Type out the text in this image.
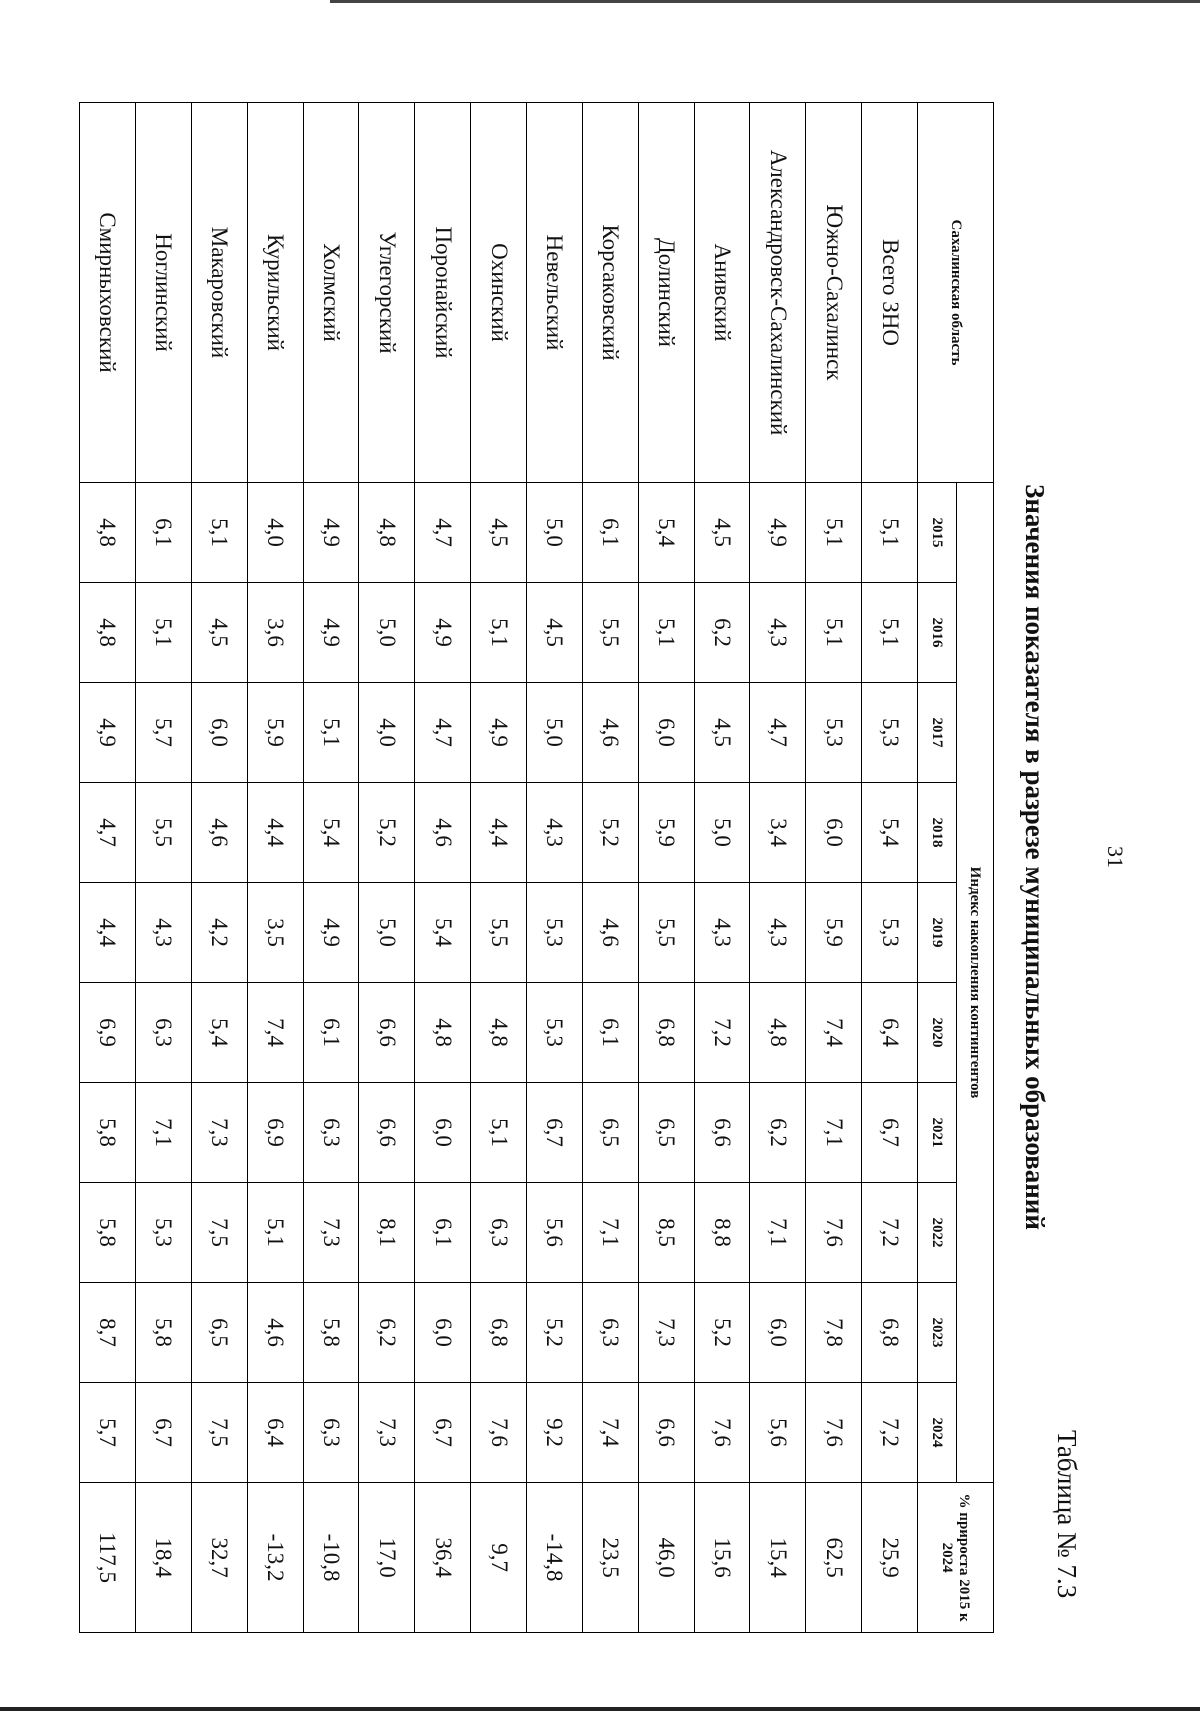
31
Таблица № 7.3
Значения показателя в разрезе муниципальных образований
Сахалинская область	Индекс накопления контингентов										% прироста 2015 к 2024
	2015	2016	2017	2018	2019	2020	2021	2022	2023	2024	
Всего ЗНО	5,1	5,1	5,3	5,4	5,3	6,4	6,7	7,2	6,8	7,2	25,9
Южно-Сахалинск	5,1	5,1	5,3	6,0	5,9	7,4	7,1	7,6	7,8	7,6	62,5
Александровск-Сахалинский	4,9	4,3	4,7	3,4	4,3	4,8	6,2	7,1	6,0	5,6	15,4
Анивский	4,5	6,2	4,5	5,0	4,3	7,2	6,6	8,8	5,2	7,6	15,6
Долинский	5,4	5,1	6,0	5,9	5,5	6,8	6,5	8,5	7,3	6,6	46,0
Корсаковский	6,1	5,5	4,6	5,2	4,6	6,1	6,5	7,1	6,3	7,4	23,5
Невельский	5,0	4,5	5,0	4,3	5,3	5,3	6,7	5,6	5,2	9,2	-14,8
Охинский	4,5	5,1	4,9	4,4	5,5	4,8	5,1	6,3	6,8	7,6	9,7
Поронайский	4,7	4,9	4,7	4,6	5,4	4,8	6,0	6,1	6,0	6,7	36,4
Углегорский	4,8	5,0	4,0	5,2	5,0	6,6	6,6	8,1	6,2	7,3	17,0
Холмский	4,9	4,9	5,1	5,4	4,9	6,1	6,3	7,3	5,8	6,3	-10,8
Курильский	4,0	3,6	5,9	4,4	3,5	7,4	6,9	5,1	4,6	6,4	-13,2
Макаровский	5,1	4,5	6,0	4,6	4,2	5,4	7,3	7,5	6,5	7,5	32,7
Ноглинский	6,1	5,1	5,7	5,5	4,3	6,3	7,1	5,3	5,8	6,7	18,4
Смирныховский	4,8	4,8	4,9	4,7	4,4	6,9	5,8	5,8	8,7	5,7	117,5
